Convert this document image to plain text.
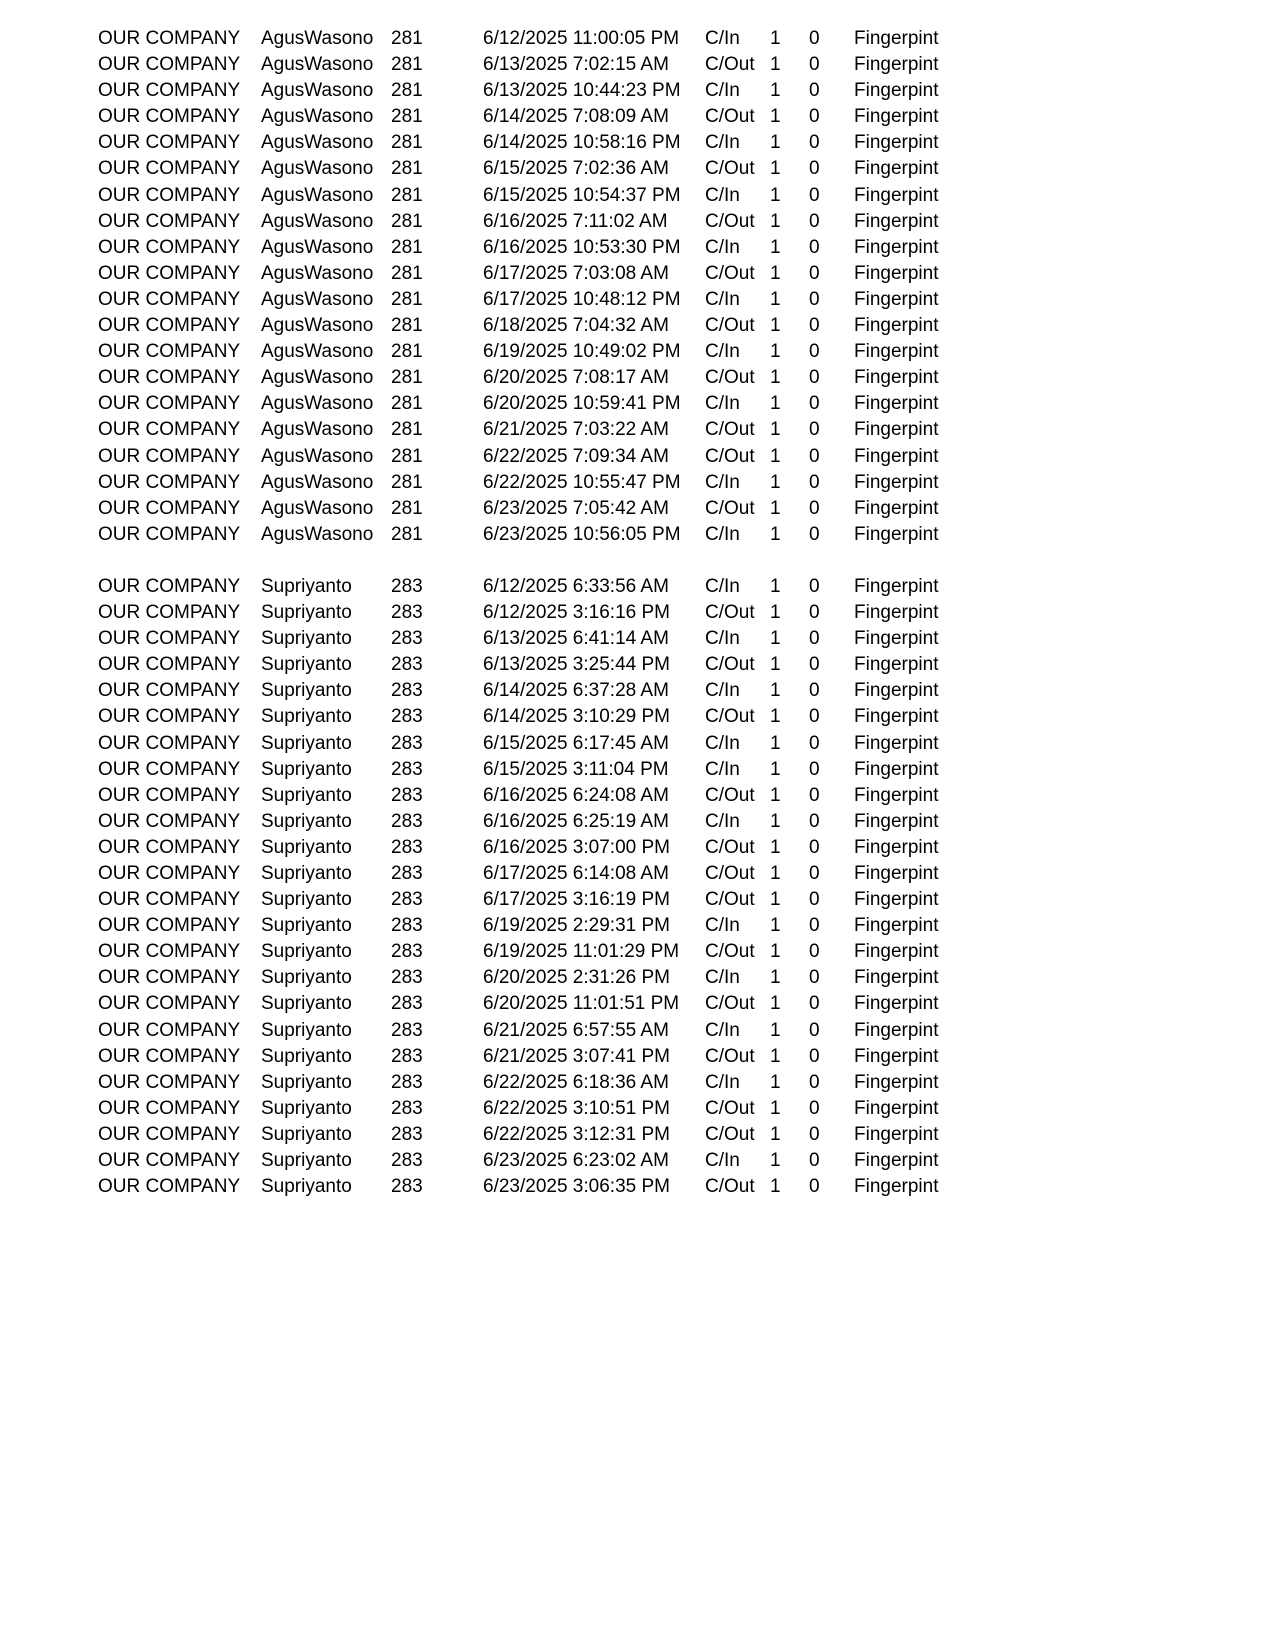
OUR COMPANY AgusWasono 281	6/12/2025 11:00:05 PM C/In 1 0 Fingerpint
OUR COMPANY AgusWasono 281	6/13/2025 7:02:15 AM C/Out 1 0 Fingerpint
OUR COMPANY AgusWasono 281	6/13/2025 10:44:23 PM C/In 1 0 Fingerpint
OUR COMPANY AgusWasono 281	6/14/2025 7:08:09 AM C/Out 1 0 Fingerpint
OUR COMPANY AgusWasono 281	6/14/2025 10:58:16 PM C/In 1 0 Fingerpint
OUR COMPANY AgusWasono 281	6/15/2025 7:02:36 AM C/Out 1 0 Fingerpint
OUR COMPANY AgusWasono 281	6/15/2025 10:54:37 PM C/In 1 0 Fingerpint
OUR COMPANY AgusWasono 281	6/16/2025 7:11:02 AM C/Out 1 0 Fingerpint
OUR COMPANY AgusWasono 281	6/16/2025 10:53:30 PM C/In 1 0 Fingerpint
OUR COMPANY AgusWasono 281	6/17/2025 7:03:08 AM C/Out 1 0 Fingerpint
OUR COMPANY AgusWasono 281	6/17/2025 10:48:12 PM C/In 1 0 Fingerpint
OUR COMPANY AgusWasono 281	6/18/2025 7:04:32 AM C/Out 1 0 Fingerpint
OUR COMPANY AgusWasono 281	6/19/2025 10:49:02 PM C/In 1 0 Fingerpint
OUR COMPANY AgusWasono 281	6/20/2025 7:08:17 AM C/Out 1 0 Fingerpint
OUR COMPANY AgusWasono 281	6/20/2025 10:59:41 PM C/In 1 0 Fingerpint
OUR COMPANY AgusWasono 281	6/21/2025 7:03:22 AM C/Out 1 0 Fingerpint
OUR COMPANY AgusWasono 281	6/22/2025 7:09:34 AM C/Out 1 0 Fingerpint
OUR COMPANY AgusWasono 281	6/22/2025 10:55:47 PM C/In 1 0 Fingerpint
OUR COMPANY AgusWasono 281	6/23/2025 7:05:42 AM C/Out 1 0 Fingerpint
OUR COMPANY AgusWasono 281	6/23/2025 10:56:05 PM C/In 1 0 Fingerpint
OUR COMPANY Supriyanto 283	6/12/2025 6:33:56 AM C/In 1 0 Fingerpint
OUR COMPANY Supriyanto 283	6/12/2025 3:16:16 PM C/Out 1 0 Fingerpint
OUR COMPANY Supriyanto 283	6/13/2025 6:41:14 AM C/In 1 0 Fingerpint
OUR COMPANY Supriyanto 283	6/13/2025 3:25:44 PM C/Out 1 0 Fingerpint
OUR COMPANY Supriyanto 283	6/14/2025 6:37:28 AM C/In 1 0 Fingerpint
OUR COMPANY Supriyanto 283	6/14/2025 3:10:29 PM C/Out 1 0 Fingerpint
OUR COMPANY Supriyanto 283	6/15/2025 6:17:45 AM C/In 1 0 Fingerpint
OUR COMPANY Supriyanto 283	6/15/2025 3:11:04 PM C/In 1 0 Fingerpint
OUR COMPANY Supriyanto 283	6/16/2025 6:24:08 AM C/Out 1 0 Fingerpint
OUR COMPANY Supriyanto 283	6/16/2025 6:25:19 AM C/In 1 0 Fingerpint
OUR COMPANY Supriyanto 283	6/16/2025 3:07:00 PM C/Out 1 0 Fingerpint
OUR COMPANY Supriyanto 283	6/17/2025 6:14:08 AM C/Out 1 0 Fingerpint
OUR COMPANY Supriyanto 283	6/17/2025 3:16:19 PM C/Out 1 0 Fingerpint
OUR COMPANY Supriyanto 283	6/19/2025 2:29:31 PM C/In 1 0 Fingerpint
OUR COMPANY Supriyanto 283	6/19/2025 11:01:29 PM C/Out 1 0 Fingerpint
OUR COMPANY Supriyanto 283	6/20/2025 2:31:26 PM C/In 1 0 Fingerpint
OUR COMPANY Supriyanto 283	6/20/2025 11:01:51 PM C/Out 1 0 Fingerpint
OUR COMPANY Supriyanto 283	6/21/2025 6:57:55 AM C/In 1 0 Fingerpint
OUR COMPANY Supriyanto 283	6/21/2025 3:07:41 PM C/Out 1 0 Fingerpint
OUR COMPANY Supriyanto 283	6/22/2025 6:18:36 AM C/In 1 0 Fingerpint
OUR COMPANY Supriyanto 283	6/22/2025 3:10:51 PM C/Out 1 0 Fingerpint
OUR COMPANY Supriyanto 283	6/22/2025 3:12:31 PM C/Out 1 0 Fingerpint
OUR COMPANY Supriyanto 283	6/23/2025 6:23:02 AM C/In 1 0 Fingerpint
OUR COMPANY Supriyanto 283	6/23/2025 3:06:35 PM C/Out 1 0 Fingerpint
